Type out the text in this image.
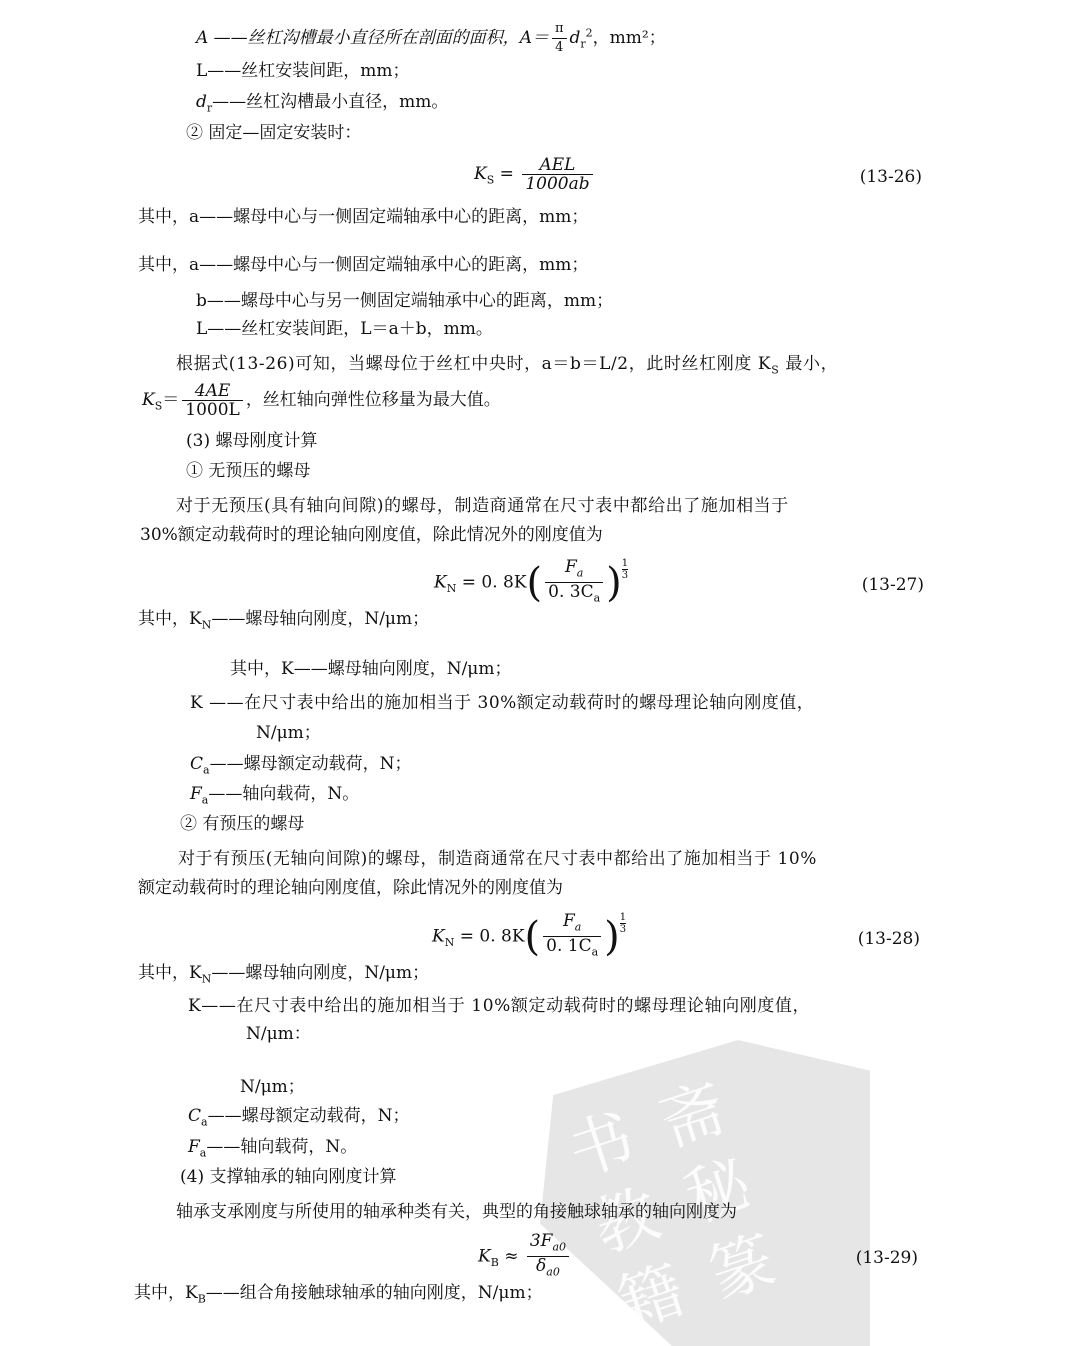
书 斋 教 秘 籍 篆
A ——丝杠沟槽最小直径所在剖面的面积，$A= \frac{\pi}{4} d_r^2$，mm²；
L——丝杠安装间距，mm；
$d_r——$丝杠沟槽最小直径，mm。
② 固定—固定安装时：
$K_S = \frac{\text{AEL}}{1000ab}$	(13-26)
其中，a——螺母中心与一侧固定端轴承中心的距离，mm；
其中，a——螺母中心与一侧固定端轴承中心的距离，mm；
b——螺母中心与另一侧固定端轴承中心的距离，mm；
L——丝杠安装间距，L＝a＋b，mm。
根据式(13-26)可知，当螺母位于丝杠中央时，a＝b＝L/2，此时丝杠刚度 $K_S$ 最小，
$K_S= \frac{4AE}{1000L}$ ，丝杠轴向弹性位移量为最大值。
(3) 螺母刚度计算
① 无预压的螺母
对于无预压(具有轴向间隙)的螺母，制造商通常在尺寸表中都给出了施加相当于
30%额定动载荷时的理论轴向刚度值，除此情况外的刚度值为
$K_N = 0$. $8K( \frac{F_a}{0. 3C_a}$ ) $\frac{1}{3}$
(13-27)
其中，$K_N——$螺母轴向刚度，N/μm；
其中，K——螺母轴向刚度，N/μm；
K ——在尺寸表中给出的施加相当于 30%额定动载荷时的螺母理论轴向刚度值，
N/μm；
$C_a——$螺母额定动载荷，N；
$F_a——$轴向载荷，N。
② 有预压的螺母
对于有预压(无轴向间隙)的螺母，制造商通常在尺寸表中都给出了施加相当于 10%
额定动载荷时的理论轴向刚度值，除此情况外的刚度值为
$K_N = 0$. $8K( \frac{F_a}{0. 1C_a}$ ) $\frac{1}{3}$
(13-28)
其中，$K_N——$螺母轴向刚度，N/μm；
K——在尺寸表中给出的施加相当于 10%额定动载荷时的螺母理论轴向刚度值，
N/μm：
N/μm；
$C_a——$螺母额定动载荷，N；
$F_a——$轴向载荷，N。
(4) 支撑轴承的轴向刚度计算
轴承支承刚度与所使用的轴承种类有关，典型的角接触球轴承的轴向刚度为
$K_B \approx \frac{3F_{a0}}{\delta_{a0}}$	(13-29)
其中，$K_B——$组合角接触球轴承的轴向刚度，N/μm；
